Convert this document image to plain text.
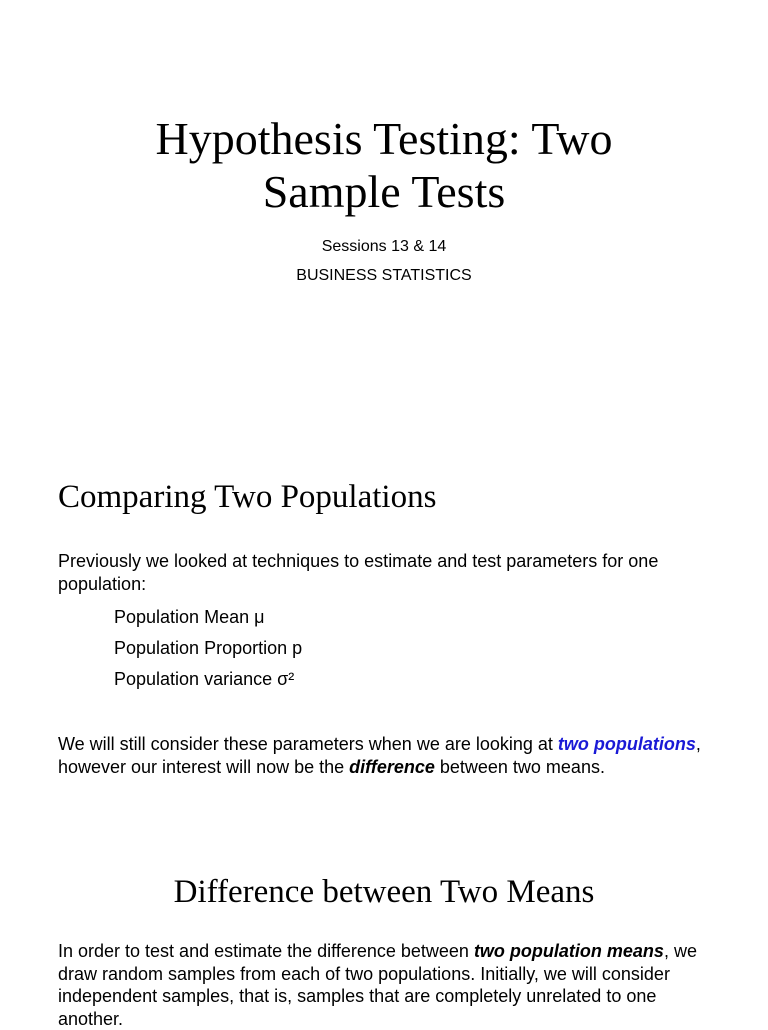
Hypothesis Testing: Two
Sample Tests

Sessions 13 & 14

BUSINESS STATISTICS

Comparing Two Populations

Previously we looked at techniques to estimate and test parameters for one population:

Population Mean μ
Population Proportion p
Population variance σ²

We will still consider these parameters when we are looking at two populations, however our interest will now be the difference between two means.

Difference between Two Means

In order to test and estimate the difference between two population means, we draw random samples from each of two populations. Initially, we will consider independent samples, that is, samples that are completely unrelated to one another.
